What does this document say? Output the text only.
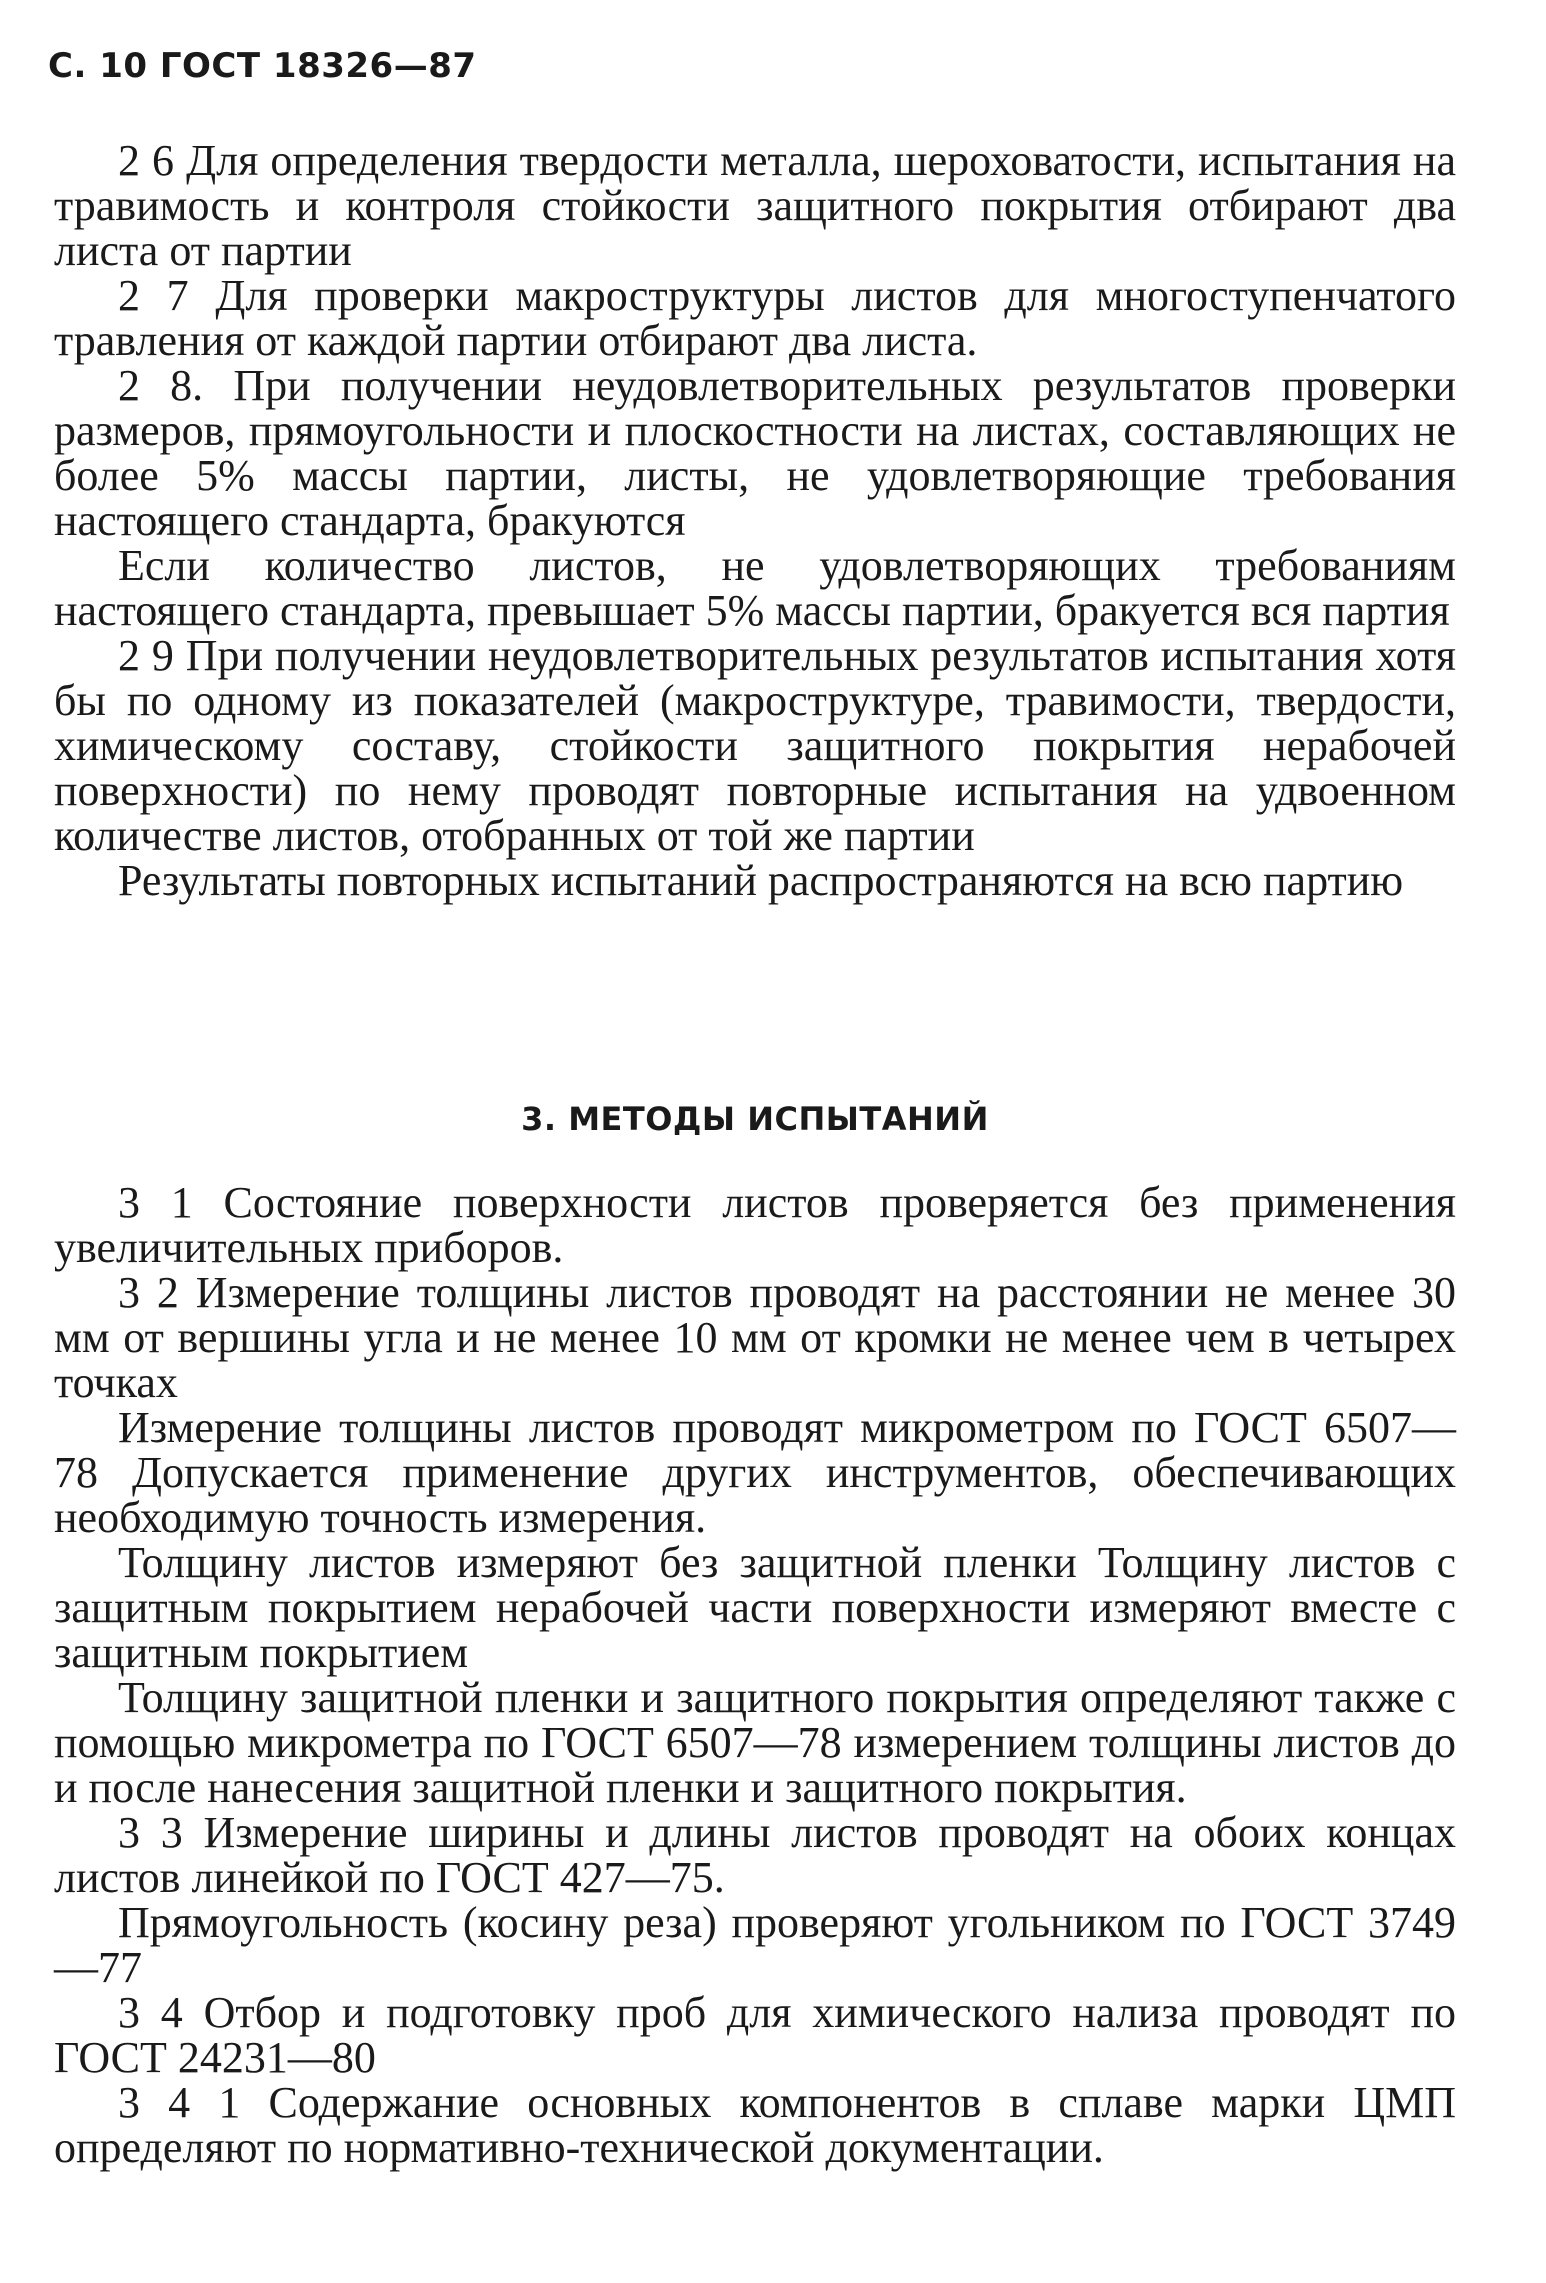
С. 10 ГОСТ 18326—87

2 6 Для определения твердости металла, шероховатости, испытания на травимость и контроля стойкости защитного покрытия отбирают два листа от партии

2 7 Для проверки макроструктуры листов для многоступенчатого травления от каждой партии отбирают два листа.

2 8. При получении неудовлетворительных результатов проверки размеров, прямоугольности и плоскостности на листах, составляющих не более 5% массы партии, листы, не удовлетворяющие требования настоящего стандарта, бракуются

Если количество листов, не удовлетворяющих требованиям настоящего стандарта, превышает 5% массы партии, бракуется вся партия

2 9 При получении неудовлетворительных результатов испытания хотя бы по одному из показателей (макроструктуре, травимости, твердости, химическому составу, стойкости защитного покрытия нерабочей поверхности) по нему проводят повторные испытания на удвоенном количестве листов, отобранных от той же партии

Результаты повторных испытаний распространяются на всю партию

3. МЕТОДЫ ИСПЫТАНИЙ

3 1 Состояние поверхности листов проверяется без применения увеличительных приборов.

3 2 Измерение толщины листов проводят на расстоянии не менее 30 мм от вершины угла и не менее 10 мм от кромки не менее чем в четырех точках

Измерение толщины листов проводят микрометром по ГОСТ 6507—78 Допускается применение других инструментов, обеспечивающих необходимую точность измерения.

Толщину листов измеряют без защитной пленки Толщину листов с защитным покрытием нерабочей части поверхности измеряют вместе с защитным покрытием

Толщину защитной пленки и защитного покрытия определяют также с помощью микрометра по ГОСТ 6507—78 измерением толщины листов до и после нанесения защитной пленки и защитного покрытия.

3 3 Измерение ширины и длины листов проводят на обоих концах листов линейкой по ГОСТ 427—75.

Прямоугольность (косину реза) проверяют угольником по ГОСТ 3749—77

3 4 Отбор и подготовку проб для химического нализа проводят по ГОСТ 24231—80

3 4 1 Содержание основных компонентов в сплаве марки ЦМП определяют по нормативно-технической документации.
